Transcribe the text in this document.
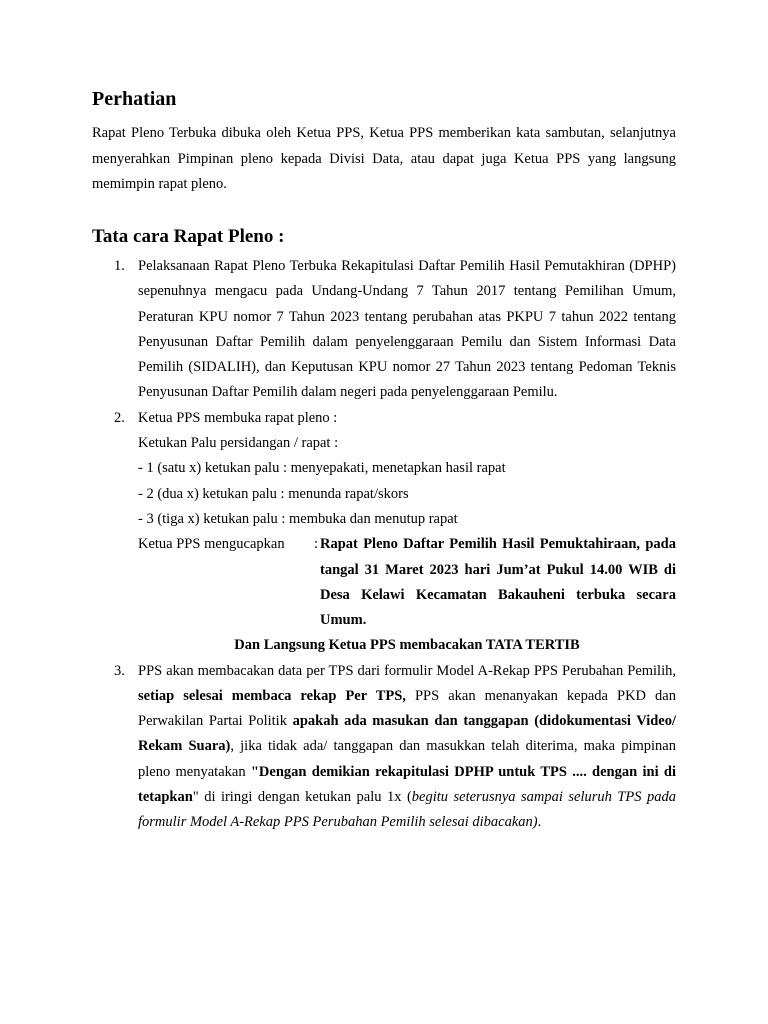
Perhatian

Rapat Pleno Terbuka dibuka oleh Ketua PPS, Ketua PPS memberikan kata sambutan, selanjutnya menyerahkan Pimpinan pleno kepada Divisi Data, atau dapat juga Ketua PPS yang langsung memimpin rapat pleno.

Tata cara Rapat Pleno :
1. Pelaksanaan Rapat Pleno Terbuka Rekapitulasi Daftar Pemilih Hasil Pemutakhiran (DPHP) sepenuhnya mengacu pada Undang-Undang 7 Tahun 2017 tentang Pemilihan Umum, Peraturan KPU nomor 7 Tahun 2023 tentang perubahan atas PKPU 7 tahun 2022 tentang Penyusunan Daftar Pemilih dalam penyelenggaraan Pemilu dan Sistem Informasi Data Pemilih (SIDALIH), dan Keputusan KPU nomor 27 Tahun 2023 tentang Pedoman Teknis Penyusunan Daftar Pemilih dalam negeri pada penyelenggaraan Pemilu.
2. Ketua PPS membuka rapat pleno :
Ketukan Palu persidangan / rapat :
- 1 (satu x) ketukan palu : menyepakati, menetapkan hasil rapat
- 2 (dua x) ketukan palu : menunda rapat/skors
- 3 (tiga x) ketukan palu : membuka dan menutup rapat
Ketua PPS mengucapkan : Rapat Pleno Daftar Pemilih Hasil Pemuktahiraan, pada tangal 31 Maret 2023 hari Jum’at Pukul 14.00 WIB di Desa Kelawi Kecamatan Bakauheni terbuka secara Umum.
Dan Langsung Ketua PPS membacakan TATA TERTIB
3. PPS akan membacakan data per TPS dari formulir Model A-Rekap PPS Perubahan Pemilih, setiap selesai membaca rekap Per TPS, PPS akan menanyakan kepada PKD dan Perwakilan Partai Politik apakah ada masukan dan tanggapan (didokumentasi Video/ Rekam Suara), jika tidak ada/ tanggapan dan masukkan telah diterima, maka pimpinan pleno menyatakan "Dengan demikian rekapitulasi DPHP untuk TPS .... dengan ini di tetapkan" di iringi dengan ketukan palu 1x (begitu seterusnya sampai seluruh TPS pada formulir Model A-Rekap PPS Perubahan Pemilih selesai dibacakan).
